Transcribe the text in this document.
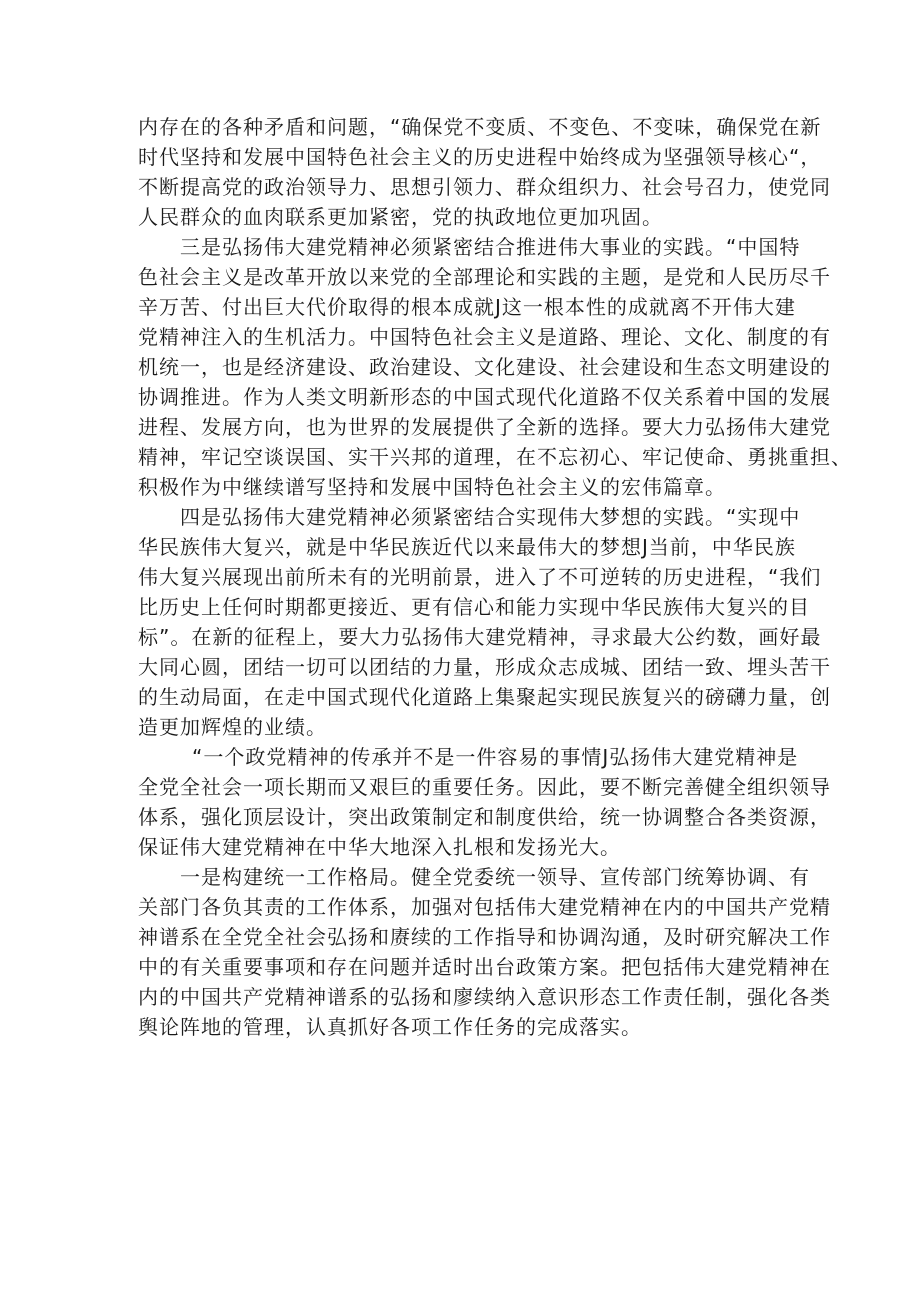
内存在的各种矛盾和问题，“确保党不变质、不变色、不变味，确保党在新
时代坚持和发展中国特色社会主义的历史进程中始终成为坚强领导核心“，
不断提高党的政治领导力、思想引领力、群众组织力、社会号召力，使党同
人民群众的血肉联系更加紧密，党的执政地位更加巩固。
三是弘扬伟大建党精神必须紧密结合推进伟大事业的实践。“中国特
色社会主义是改革开放以来党的全部理论和实践的主题，是党和人民历尽千
辛万苦、付出巨大代价取得的根本成就J这一根本性的成就离不开伟大建
党精神注入的生机活力。中国特色社会主义是道路、理论、文化、制度的有
机统一，也是经济建设、政治建设、文化建设、社会建设和生态文明建设的
协调推进。作为人类文明新形态的中国式现代化道路不仅关系着中国的发展
进程、发展方向，也为世界的发展提供了全新的选择。要大力弘扬伟大建党
精神，牢记空谈误国、实干兴邦的道理，在不忘初心、牢记使命、勇挑重担、
积极作为中继续谱写坚持和发展中国特色社会主义的宏伟篇章。
四是弘扬伟大建党精神必须紧密结合实现伟大梦想的实践。“实现中
华民族伟大复兴，就是中华民族近代以来最伟大的梦想J当前，中华民族
伟大复兴展现出前所未有的光明前景，进入了不可逆转的历史进程，“我们
比历史上任何时期都更接近、更有信心和能力实现中华民族伟大复兴的目
标”。在新的征程上，要大力弘扬伟大建党精神，寻求最大公约数，画好最
大同心圆，团结一切可以团结的力量，形成众志成城、团结一致、埋头苦干
的生动局面，在走中国式现代化道路上集聚起实现民族复兴的磅礴力量，创
造更加辉煌的业绩。
“一个政党精神的传承并不是一件容易的事情J弘扬伟大建党精神是
全党全社会一项长期而又艰巨的重要任务。因此，要不断完善健全组织领导
体系，强化顶层设计，突出政策制定和制度供给，统一协调整合各类资源，
保证伟大建党精神在中华大地深入扎根和发扬光大。
一是构建统一工作格局。健全党委统一领导、宣传部门统筹协调、有
关部门各负其责的工作体系，加强对包括伟大建党精神在内的中国共产党精
神谱系在全党全社会弘扬和赓续的工作指导和协调沟通，及时研究解决工作
中的有关重要事项和存在问题并适时出台政策方案。把包括伟大建党精神在
内的中国共产党精神谱系的弘扬和廖续纳入意识形态工作责任制，强化各类
舆论阵地的管理，认真抓好各项工作任务的完成落实。
